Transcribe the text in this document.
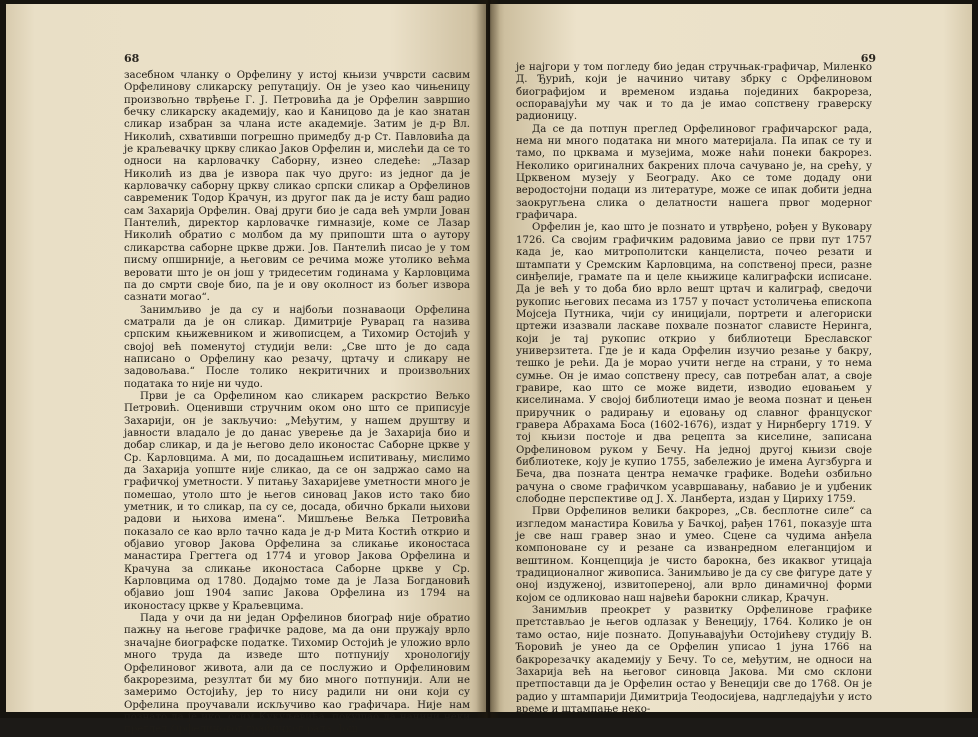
68

засебном чланку о Орфелину у истој књизи учврсти сасвим Орфелинову сликарску репутацију. Он је узео као чињеницу произвољно тврђење Г. Ј. Петровића да је Орфелин завршио бечку сликарску академију, као и Каницово да је као знатан сликар изабран за члана исте академије. Затим је д-р Вл. Николић, схвативши погрешно примедбу д-р Ст. Павловића да је краљевачку цркву сликао Јаков Орфелин и, мислећи да се то односи на карловачку Саборну, изнео следеће: „Лазар Николић из два је извора пак чуо друго: из једног да је карловачку саборну цркву сликао српски сликар а Орфелинов савременик Тодор Крачун, из другог пак да је исту баш радио сам Захарија Орфелин. Овај други био је сада већ умрли Јован Пантелић, директор карловачке гимназије, коме се Лазар Николић обратио с молбом да му припошти шта о аутору сликарства саборне цркве држи. Јов. Пантелић писао је у том писму опширније, а његовим се речима може утолико већма веровати што је он још у тридесетим годинама у Карловцима па до смрти своје био, па је и ову околност из бољег извора сазнати могао“.

Занимљиво је да су и најбољи познаваоци Орфелина сматрали да је он сликар. Димитрије Руварац га назива српским књижевником и живописцем, а Тихомир Остојић у својој већ поменутој студији вели: „Све што је до сада написано о Орфелину као резачу, цртачу и сликару не задовољава.“ После толико некритичних и произвољних података то није ни чудо.

Први је са Орфелином као сликарем раскрстио Вељко Петровић. Оценивши стручним оком оно што се приписује Захарији, он је закључио: „Међутим, у нашем друштву и јавности владало је до данас уверење да је Захарија био и добар сликар, и да је његово дело иконостас Саборне цркве у Ср. Карловцима. А ми, по досадашњем испитивању, мислимо да Захарија уопште није сликао, да се он задржао само на графичкој уметности. У питању Захаријеве уметности много је помешао, утоло што је његов синовац Јаков исто тако био уметник, и то сликар, па су се, досада, обично бркали њихови радови и њихова имена“. Мишљење Вељка Петровића показало се као врло тачно када је д-р Мита Костић открио и објавио уговор Јакова Орфелина за сликање иконостаса манастира Грегтега од 1774 и уговор Јакова Орфелина и Крачуна за сликање иконостаса Саборне цркве у Ср. Карловцима од 1780. Додајмо томе да је Лаза Богдановић објавио још 1904 запис Јакова Орфелина из 1794 на иконостасу цркве у Краљевцима.

Пада у очи да ни један Орфелинов биограф није обратио пажњу на његове графичке радове, ма да они пружају врло значајне биографске податке. Тихомир Остојић је уложио врло много труда да изведе што потпунију хронологију Орфелиновог живота, али да се послужио и Орфелиновим бакрорезима, резултат би му био много потпунији. Али не замеримо Остојићу, јер то нису радили ни они који су Орфелина проучавали искључиво као графичара. Није нам познато да је ико, осим Кукуљевића, покушао да начини неки преглед Орфелиновог графичког рада. Још

69

је најгори у том погледу био један стручњак-графичар, Миленко Д. Ђурић, који је начинио читаву збрку с Орфелиновом биографијом и временом издања појединих бакрореза, оспоравајући му чак и то да је имао сопствену граверску радионицу.

Да се да потпун преглед Орфелиновог графичарског рада, нема ни много података ни много материјала. Па ипак се ту и тамо, по црквама и музејима, може наћи понеки бакрорез. Неколико оригиналних бакрених плоча сачувано је, на срећу, у Црквеном музеју у Београду. Ако се томе додаду они веродостојни подаци из литературе, може се ипак добити једна заокругљена слика о делатности нашега првог модерног графичара.

Орфелин је, као што је познато и утврђено, рођен у Вуковару 1726. Са својим графичким радовима јавио се први пут 1757 када је, као митрополитски канцелиста, почео резати и штампати у Сремским Карловцима, на сопственој преси, разне синђелије, грамате па и целе књижице калиграфски исписане. Да је већ у то доба био врло вешт цртач и калиграф, сведочи рукопис његових песама из 1757 у почаст устоличења епископа Мојсеја Путника, чији су иницијали, портрети и алегориски цртежи изазвали ласкаве похвале познатог слависте Неринга, који је тај рукопис открио у библиотеци Бреславског универзитета. Где је и када Орфелин изучио резање у бакру, тешко је рећи. Да је морао учити негде на страни, у то нема сумње. Он је имао сопствену пресу, сав потребан алат, а своје гравире, као што се може видети, изводио еџовањем у киселинама. У својој библиотеци имао је веома познат и цењен приручник о радирању и еџовању од славног француског гравера Абрахама Боса (1602-1676), издат у Нирнбергу 1719. У тој књизи постоје и два рецепта за киселине, записана Орфелиновом руком у Бечу. На једној другој књизи своје библиотеке, коју је купио 1755, забележио је имена Аугзбурга и Беча, два позната центра немачке графике. Водећи озбиљно рачуна о своме графичком усавршавању, набавио је и уџбеник слободне перспективе од Ј. Х. Ланберта, издан у Цириху 1759.

Први Орфелинов велики бакрорез, „Св. бесплотне силе“ са изгледом манастира Ковиља у Бачкој, рађен 1761, показује шта је све наш гравер знао и умео. Сцене са чудима анђела компоноване су и резане са изванредном елеганцијом и вештином. Концепција је чисто барокна, без икаквог утицаја традиционалног живописа. Занимљиво је да су све фигуре дате у оној издуженој, извитопереној, али врло динамичној форми којом се одликовао наш највећи барокни сликар, Крачун.

Занимљив преокрет у развитку Орфелинове графике претстављао је његов одлазак у Венецију, 1764. Колико је он тамо остао, није познато. Допуњавајући Остојићеву студију В. Ћоровић је унео да се Орфелин уписао 1 јуна 1766 на бакрорезачку академију у Бечу. То се, међутим, не односи на Захарија већ на његовог синовца Јакова. Ми смо склони претпоставци да је Орфелин остао у Венецији све до 1768. Он је радио у штампарији Димитрија Теодосијева, надгледајући у исто време и штампање неко-
